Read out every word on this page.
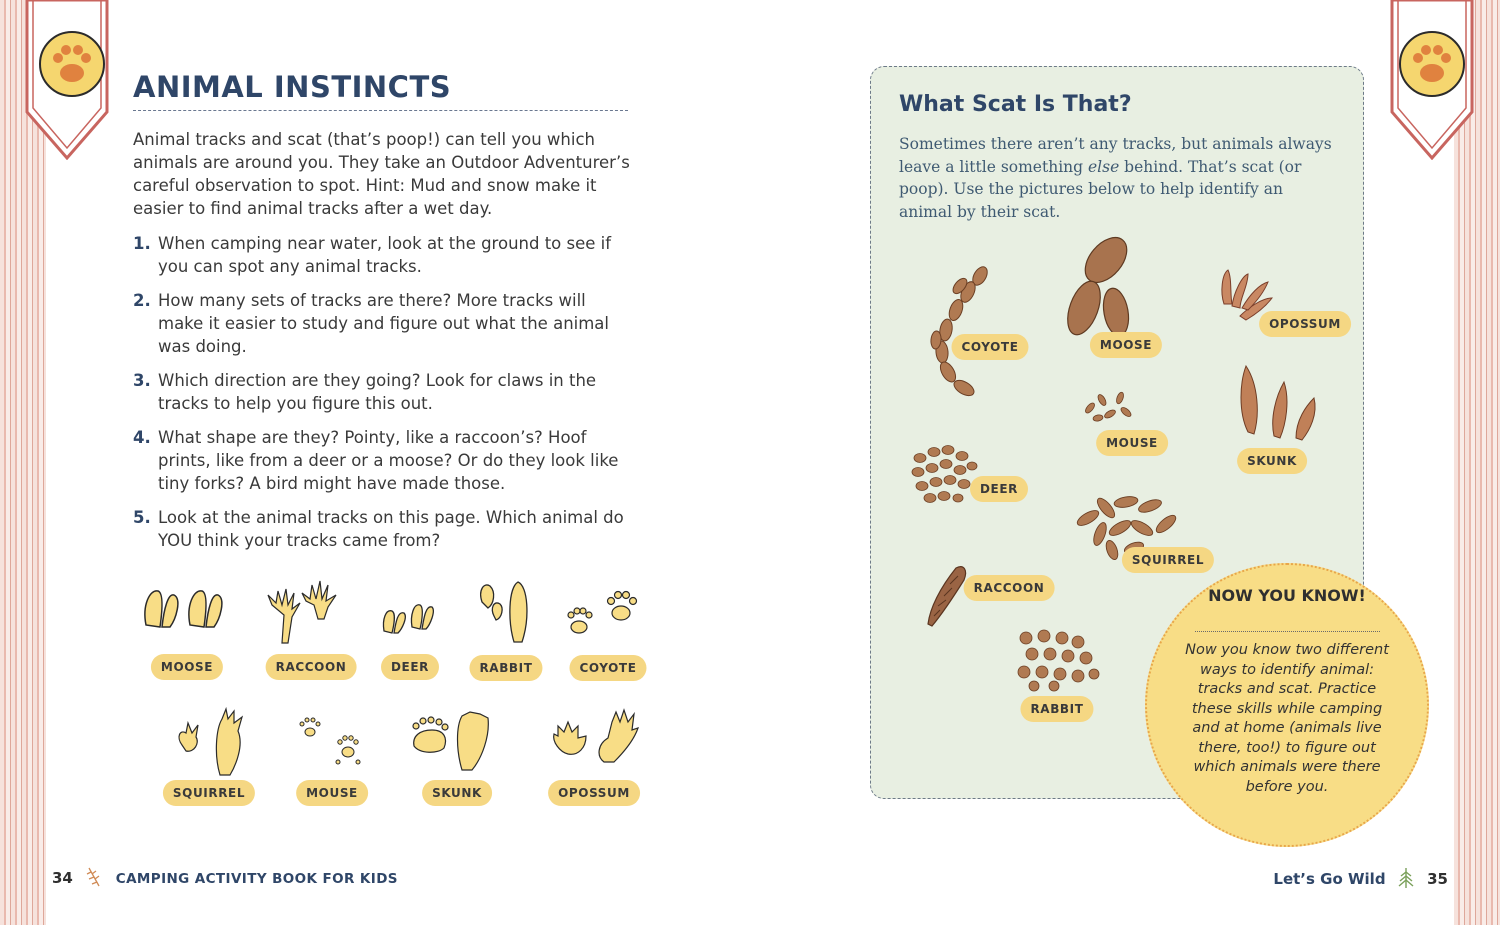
ANIMAL INSTINCTS
Animal tracks and scat (that’s poop!) can tell you which animals are around you. They take an Outdoor Adventurer’s careful observation to spot. Hint: Mud and snow make it easier to find animal tracks after a wet day.
1. When camping near water, look at the ground to see if you can spot any animal tracks.
2. How many sets of tracks are there? More tracks will make it easier to study and figure out what the animal was doing.
3. Which direction are they going? Look for claws in the tracks to help you figure this out.
4. What shape are they? Pointy, like a raccoon’s? Hoof prints, like from a deer or a moose? Or do they look like tiny forks? A bird might have made those.
5. Look at the animal tracks on this page. Which animal do YOU think your tracks came from?
MOOSE	RACCOON	DEER	RABBIT	COYOTE
SQUIRREL	MOUSE	SKUNK	OPOSSUM
34	CAMPING ACTIVITY BOOK FOR KIDS
What Scat Is That?
Sometimes there aren’t any tracks, but animals always leave a little something else behind. That’s scat (or poop). Use the pictures below to help identify an animal by their scat.
COYOTE	MOOSE
OPOSSUM
MOUSE
SKUNK
DEER
SQUIRREL
RACCOON
RABBIT
NOW YOU KNOW!
Now you know two different ways to identify animal: tracks and scat. Practice these skills while camping and at home (animals live there, too!) to figure out which animals were there before you.
Let’s Go Wild	35
